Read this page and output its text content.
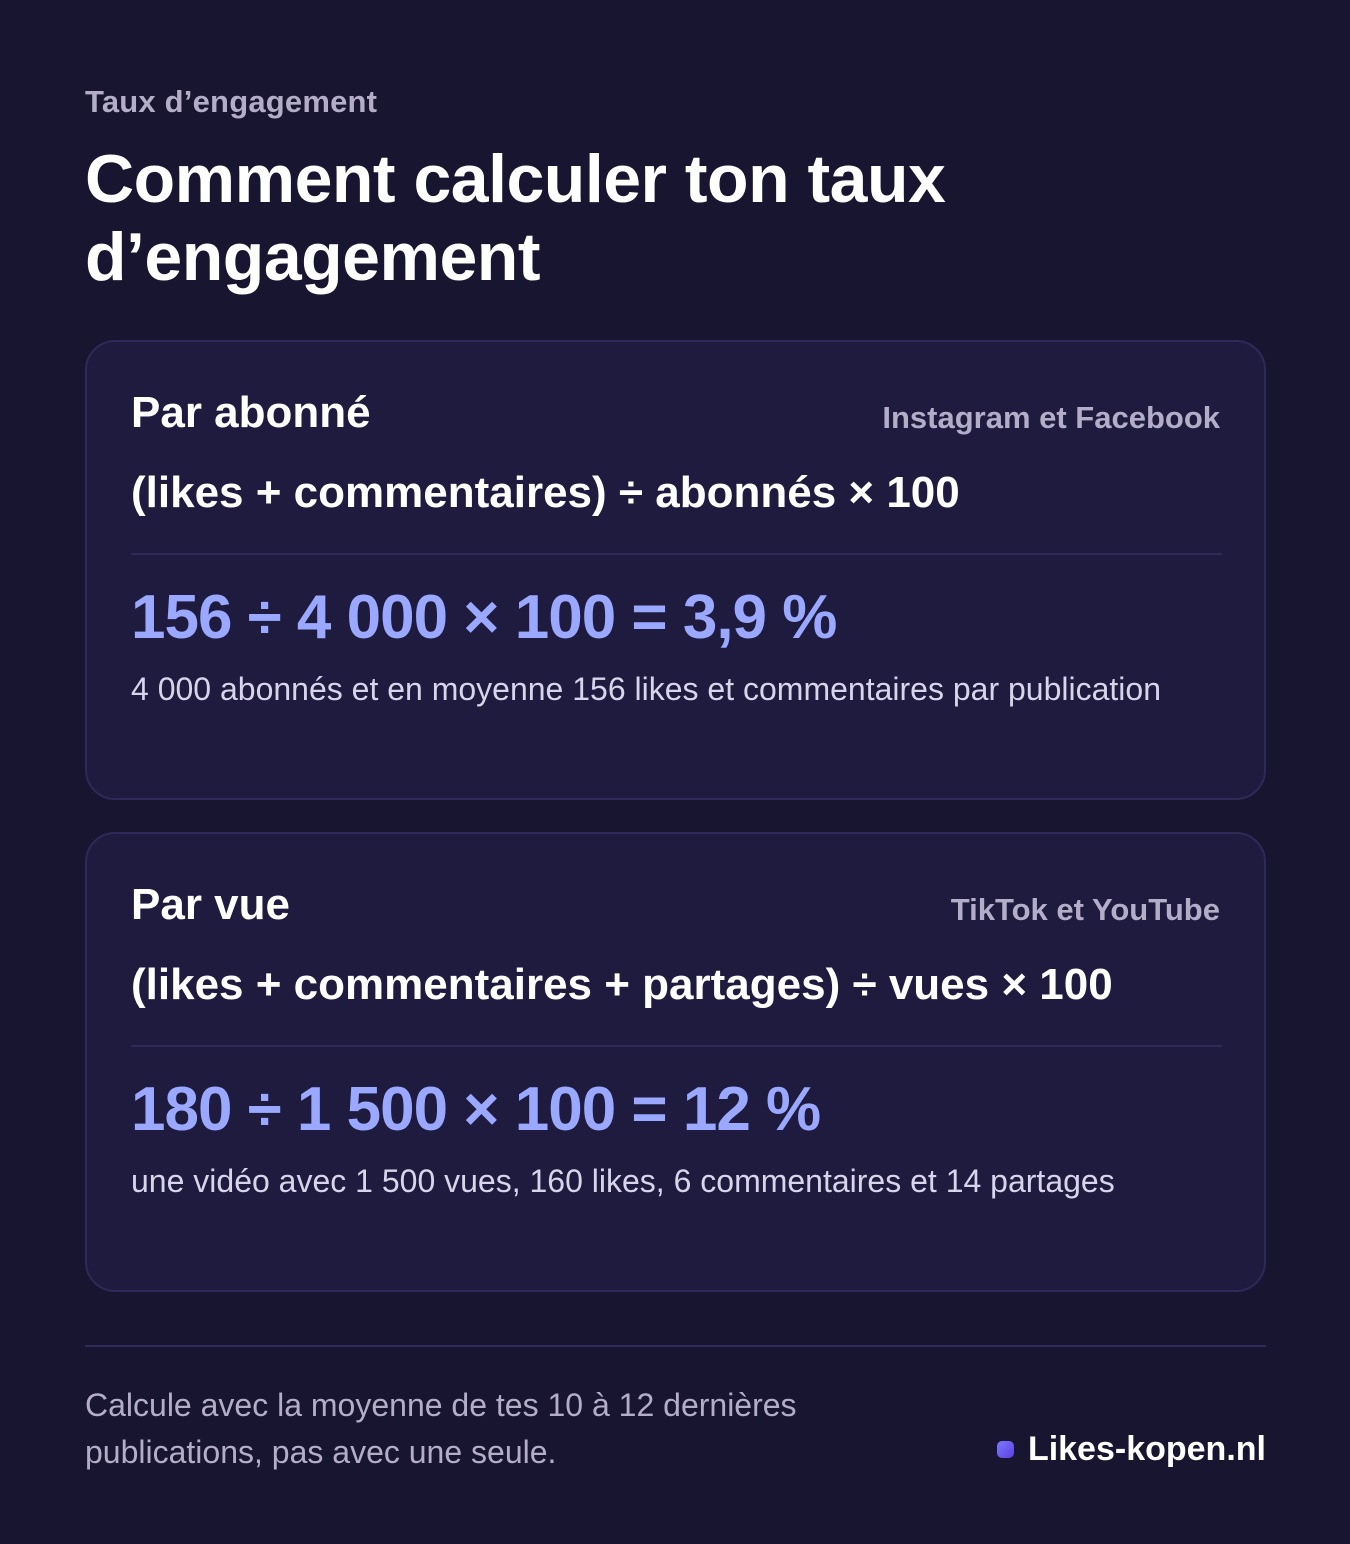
Taux d’engagement
Comment calculer ton taux d’engagement
Par abonné	Instagram et Facebook
(likes + commentaires) ÷ abonnés × 100
156 ÷ 4 000 × 100 = 3,9 %
4 000 abonnés et en moyenne 156 likes et commentaires par publication
Par vue	TikTok et YouTube
(likes + commentaires + partages) ÷ vues × 100
180 ÷ 1 500 × 100 = 12 %
une vidéo avec 1 500 vues, 160 likes, 6 commentaires et 14 partages
Calcule avec la moyenne de tes 10 à 12 dernières publications, pas avec une seule.	Likes-kopen.nl
